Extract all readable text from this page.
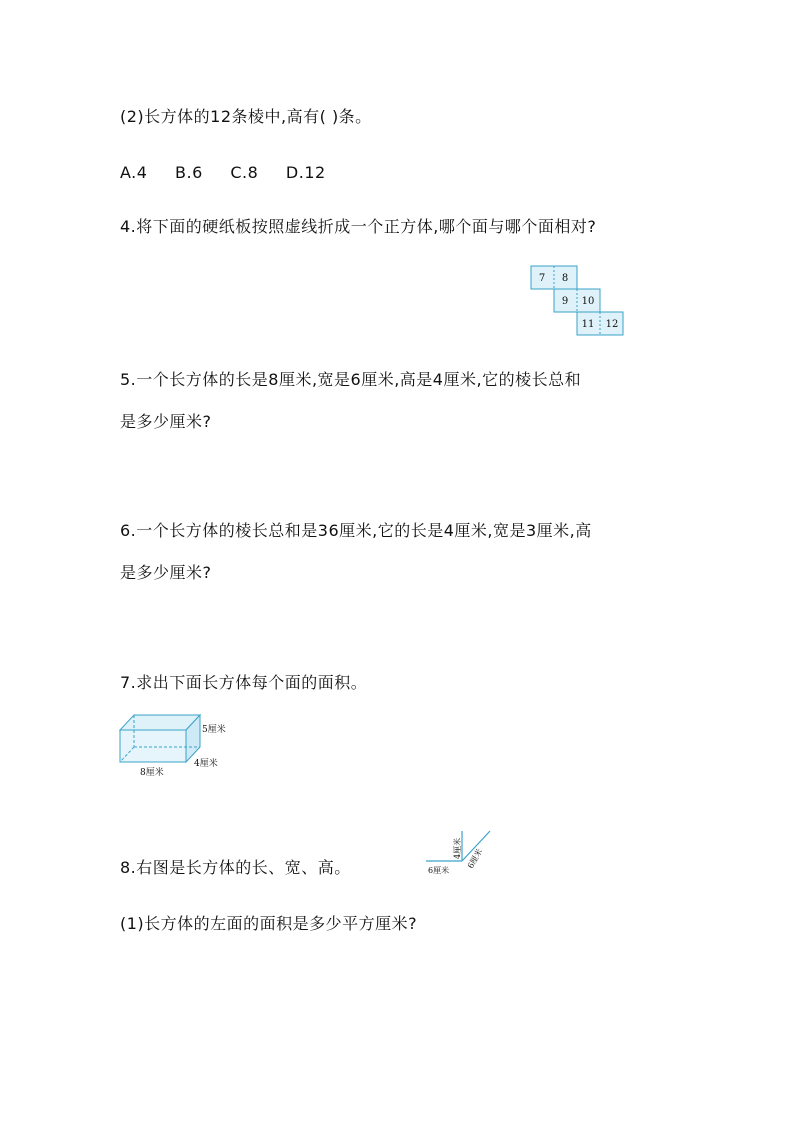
(2)长方体的12条棱中,高有( )条。
A.4 B.6 C.8 D.12
4.将下面的硬纸板按照虚线折成一个正方体,哪个面与哪个面相对?
7 8
9 10
11 12
5.一个长方体的长是8厘米,宽是6厘米,高是4厘米,它的棱长总和
是多少厘米?
6.一个长方体的棱长总和是36厘米,它的长是4厘米,宽是3厘米,高
是多少厘米?
7.求出下面长方体每个面的面积。
5厘米
4厘米
8厘米
8.右图是长方体的长、宽、高。	6厘米
4厘米 6厘米
(1)长方体的左面的面积是多少平方厘米?
